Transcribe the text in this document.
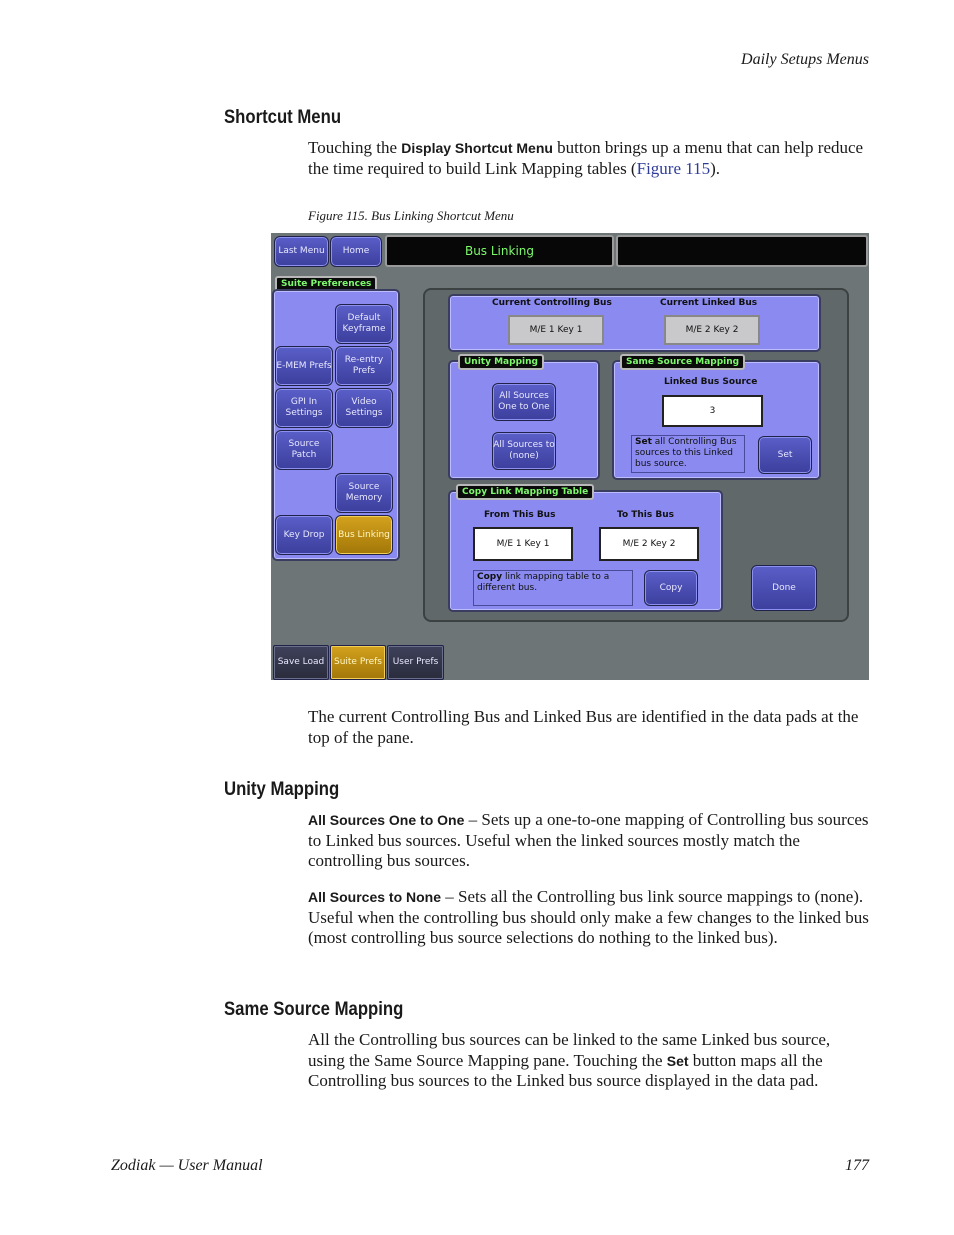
Daily Setups Menus
Shortcut Menu
Touching the Display Shortcut Menu button brings up a menu that can help reduce the time required to build Link Mapping tables (Figure 115).
Figure 115. Bus Linking Shortcut Menu
Last Menu	Home	Bus Linking
Suite Preferences
Default Keyframe
E-MEM Prefs
Re-entry Prefs
GPI In Settings
Video Settings
Source Patch
Source Memory
Key Drop	Bus Linking
Current Controlling Bus
M/E 1 Key 1
Current Linked Bus
M/E 2 Key 2
Unity Mapping
All Sources One to One
All Sources to (none)
Same Source Mapping
Linked Bus Source
3
Set all Controlling Bus sources to this Linked bus source.
Set
Copy Link Mapping Table
From This Bus
M/E 1 Key 1
To This Bus
M/E 2 Key 2
Copy link mapping table to a different bus.	Copy	Done
Save Load	Suite Prefs	User Prefs
The current Controlling Bus and Linked Bus are identified in the data pads at the top of the pane.
Unity Mapping
All Sources One to One – Sets up a one-to-one mapping of Controlling bus sources to Linked bus sources. Useful when the linked sources mostly match the controlling bus sources.
All Sources to None – Sets all the Controlling bus link source mappings to (none). Useful when the controlling bus should only make a few changes to the linked bus (most controlling bus source selections do nothing to the linked bus).
Same Source Mapping
All the Controlling bus sources can be linked to the same Linked bus source, using the Same Source Mapping pane. Touching the Set button maps all the Controlling bus sources to the Linked bus source displayed in the data pad.
Zodiak — User Manual	177
